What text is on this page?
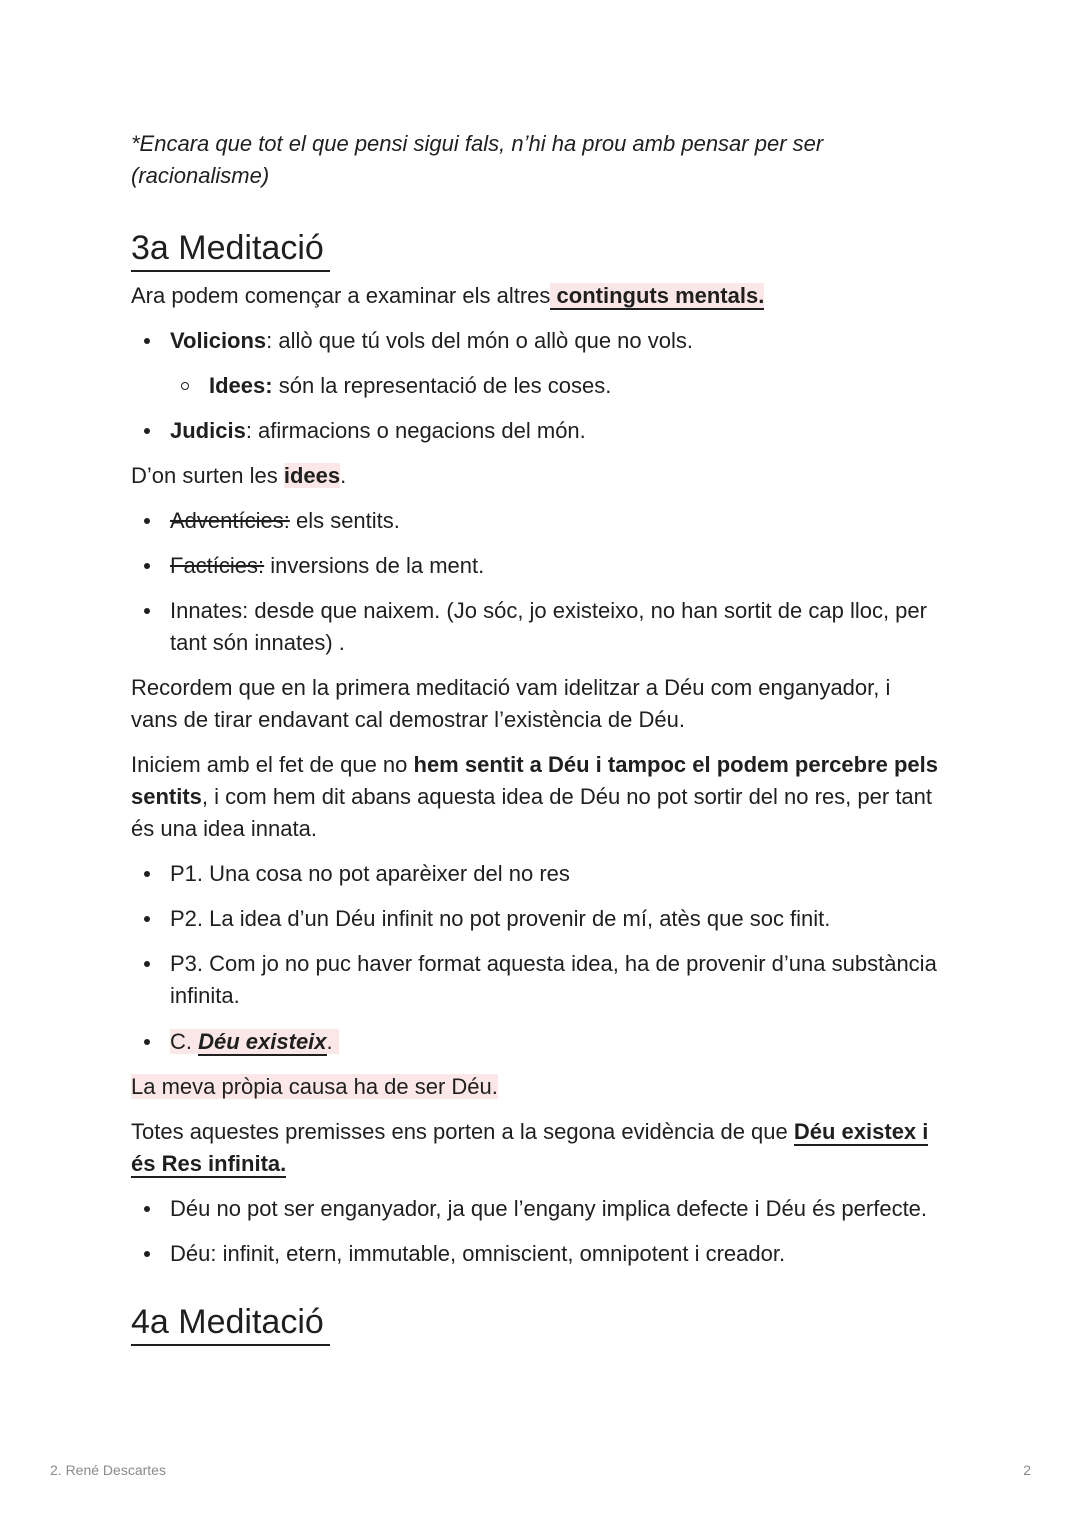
*Encara que tot el que pensi sigui fals, n’hi ha prou amb pensar per ser (racionalisme)

3a Meditació

Ara podem començar a examinar els altres continguts mentals.

Volicions: allò que tú vols del món o allò que no vols.
Idees: són la representació de les coses.
Judicis: afirmacions o negacions del món.

D’on surten les idees.

Adventícies: els sentits.
Factícies: inversions de la ment.
Innates: desde que naixem. (Jo sóc, jo existeixo, no han sortit de cap lloc, per tant són innates) .

Recordem que en la primera meditació vam idelitzar a Déu com enganyador, i vans de tirar endavant cal demostrar l’existència de Déu.

Iniciem amb el fet de que no hem sentit a Déu i tampoc el podem percebre pels sentits, i com hem dit abans aquesta idea de Déu no pot sortir del no res, per tant és una idea innata.

P1. Una cosa no pot aparèixer del no res
P2. La idea d’un Déu infinit no pot provenir de mí, atès que soc finit.
P3. Com jo no puc haver format aquesta idea, ha de provenir d’una substància infinita.
C. Déu existeix.

La meva pròpia causa ha de ser Déu.

Totes aquestes premisses ens porten a la segona evidència de que Déu existex i és Res infinita.

Déu no pot ser enganyador, ja que l’engany implica defecte i Déu és perfecte.
Déu: infinit, etern, immutable, omniscient, omnipotent i creador.
4a Meditació
2. René Descartes	2
